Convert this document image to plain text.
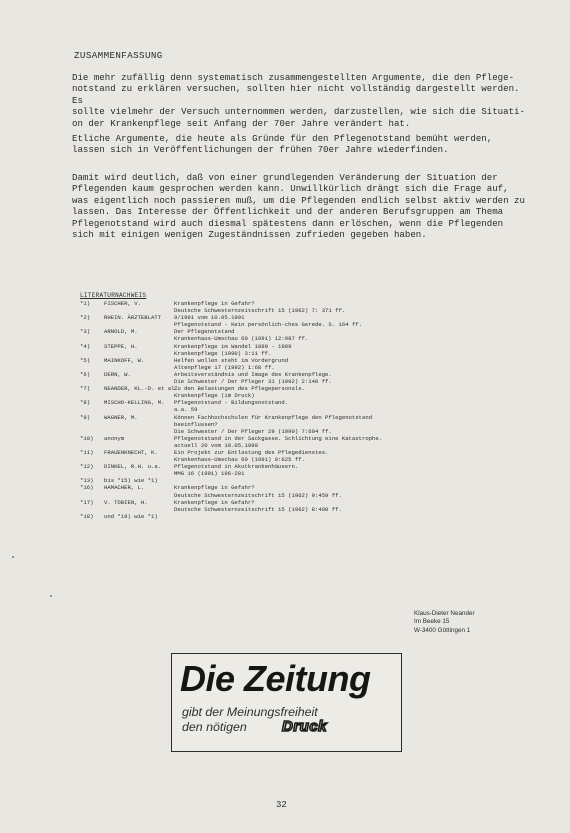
ZUSAMMENFASSUNG

Die mehr zufällig denn systematisch zusammengestellten Argumente, die den Pflege-
notstand zu erklären versuchen, sollten hier nicht vollständig dargestellt werden. Es
sollte vielmehr der Versuch unternommen werden, darzustellen, wie sich die Situati-
on der Krankenpflege seit Anfang der 70er Jahre verändert hat.

Etliche Argumente, die heute als Gründe für den Pflegenotstand bemüht werden,
lassen sich in Veröffentlichungen der frühen 70er Jahre wiederfinden.

Damit wird deutlich, daß von einer grundlegenden Veränderung der Situation der
Pflegenden kaum gesprochen werden kann. Unwillkürlich drängt sich die Frage auf,
was eigentlich noch passieren muß, um die Pflegenden endlich selbst aktiv werden zu
lassen. Das Interesse der Öffentlichkeit und der anderen Berufsgruppen am Thema
Pflegenotstand wird auch diesmal spätestens dann erlöschen, wenn die Pflegenden
sich mit einigen wenigen Zugeständnissen zufrieden gegeben haben.

LITERATURNACHWEIS
*1)	FISCHER, V.	Krankenpflege in Gefahr?
Deutsche Schwesternzeitschrift 15 (1962) 7: 371 ff.
*2)	RHEIN. ÄRZTEBLATT	9/1991 vom 10.05.1991
Pflegenotstand - Kein persönlich-ches Gerede. S. 164 ff.
*3)	ARNOLD, M.	Der Pflegenotstand
Krankenhaus-Umschau 60 (1991) 12:987 ff.
*4)	STEPPE, H.	Krankenpflege im Wandel 1890 - 1989
Krankenpflege (1990) 3:11 ff.
*5)	MAINKOFF, W.	Helfen wollen steht im Vordergrund
Altenpflege 17 (1992) 1:68 ff.
*6)	DERN, W.	Arbeitsverständnis und Image des Krankenpflege.
Die Schwester / Der Pfleger 31 (1992) 2:140 ff.
*7)	NEANDER, KL.-D. et al.
Zu den Belastungen des Pflegepersonals.
Krankenpflege (im Druck)
*8)	MISCHO-KELLING, M.	Pflegenotstand - Bildungsnotstand.
a.a. 59
*9)	WAGNER, M.	Können Fachhochschulen für Krankenpflege den Pflegenotstand
beeinflussen?
Die Schwester / Der Pfleger 29 (1990) 7:604 ff.
*10)	anonym	Pflegenotstand in der Sackgasse. Schlichtung eine Katastrophe.
actuell 20 vom 18.05.1990
*11)	FRAUENKNECHT, K.	Ein Projekt zur Entlastung des Pflegedienstes.
Krankenhaus-Umschau 60 (1991) 9:625 ff.
*12)	DINKEL, R.H. u.a.	Pflegenotstand in Akutkrankenhäusern.
MMG 16 (1991) 196-201
*13)	bis *15) wie *1)
*16)	HAMACHER, L.	Krankenpflege in Gefahr?
Deutsche Schwesternzeitschrift 15 (1962) 9:459 ff.
*17)	V. TOBIEN, H.	Krankenpflege in Gefahr?
Deutsche Schwesternzeitschrift 15 (1962) 8:400 ff.
*18)	und *19) wie *1)
Klaus-Dieter Neander
Im Beeke 15
W-3400 Göttingen 1
Die Zeitung
gibt der Meinungsfreiheit
den nötigen	Druck
32
